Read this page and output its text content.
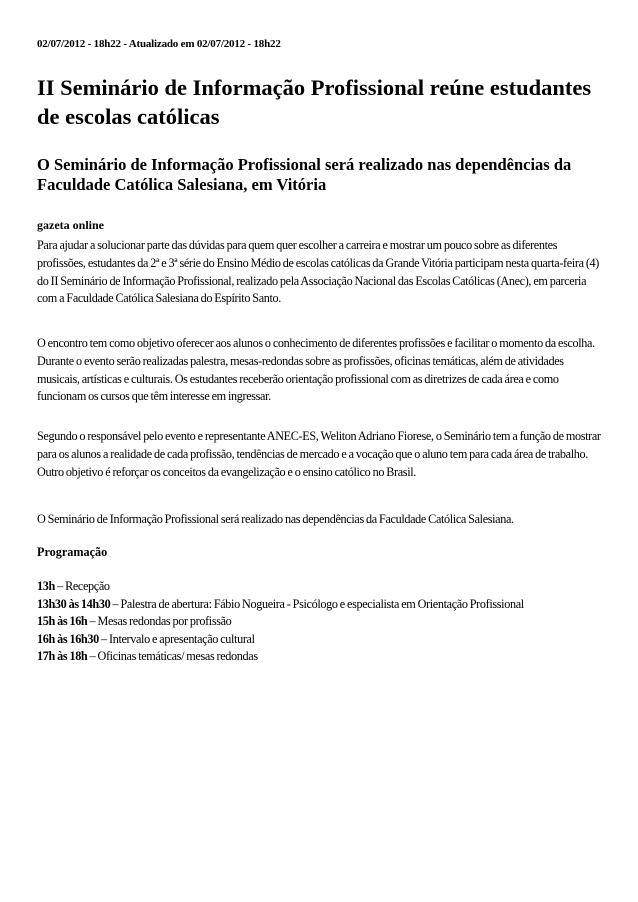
02/07/2012 - 18h22 - Atualizado em 02/07/2012 - 18h22
II Seminário de Informação Profissional reúne estudantes de escolas católicas
O Seminário de Informação Profissional será realizado nas dependências da Faculdade Católica Salesiana, em Vitória
gazeta online

Para ajudar a solucionar parte das dúvidas para quem quer escolher a carreira e mostrar um pouco sobre as diferentes profissões, estudantes da 2ª e 3ª série do Ensino Médio de escolas católicas da Grande Vitória participam nesta quarta-feira (4) do II Seminário de Informação Profissional, realizado pela Associação Nacional das Escolas Católicas (Anec), em parceria com a Faculdade Católica Salesiana do Espírito Santo.

O encontro tem como objetivo oferecer aos alunos o conhecimento de diferentes profissões e facilitar o momento da escolha. Durante o evento serão realizadas palestra, mesas-redondas sobre as profissões, oficinas temáticas, além de atividades musicais, artísticas e culturais. Os estudantes receberão orientação profissional com as diretrizes de cada área e como funcionam os cursos que têm interesse em ingressar.

Segundo o responsável pelo evento e representante ANEC-ES, Weliton Adriano Fiorese, o Seminário tem a função de mostrar para os alunos a realidade de cada profissão, tendências de mercado e a vocação que o aluno tem para cada área de trabalho. Outro objetivo é reforçar os conceitos da evangelização e o ensino católico no Brasil.

O Seminário de Informação Profissional será realizado nas dependências da Faculdade Católica Salesiana.

Programação
13h – Recepção
13h30 às 14h30 – Palestra de abertura: Fábio Nogueira - Psicólogo e especialista em Orientação Profissional
15h às 16h – Mesas redondas por profissão
16h às 16h30 – Intervalo e apresentação cultural
17h às 18h – Oficinas temáticas/ mesas redondas
